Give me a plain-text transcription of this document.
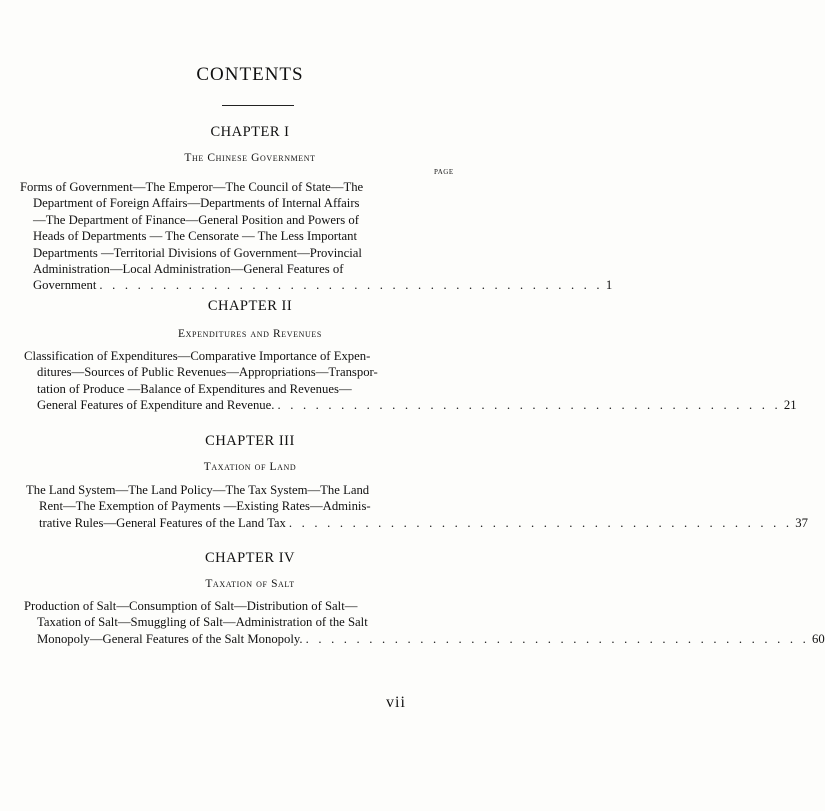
CONTENTS
CHAPTER I
The Chinese Government
PAGE
Forms of Government—The Emperor—The Council of State—The
Department of Foreign Affairs—Departments of Internal Affairs
—The Department of Finance—General Position and Powers of
Heads of Departments — The Censorate — The Less Important
Departments —Territorial Divisions of Government—Provincial
Administration—Local Administration—General Features of
Government . . . . . . . . . . . . . . . . . . . . . . . . . . . . . . . . . . . . . . . . 1
CHAPTER II
Expenditures and Revenues
Classification of Expenditures—Comparative Importance of Expen-
ditures—Sources of Public Revenues—Appropriations—Transpor-
tation of Produce —Balance of Expenditures and Revenues—
General Features of Expenditure and Revenue. . . . . . . . . . . . . . . . . . . . . . . . . . . . . . . . . . . . . . . . . 21
CHAPTER III
Taxation of Land
The Land System—The Land Policy—The Tax System—The Land
Rent—The Exemption of Payments —Existing Rates—Adminis-
trative Rules—General Features of the Land Tax . . . . . . . . . . . . . . . . . . . . . . . . . . . . . . . . . . . . . . . . 37
CHAPTER IV
Taxation of Salt
Production of Salt—Consumption of Salt—Distribution of Salt—
Taxation of Salt—Smuggling of Salt—Administration of the Salt
Monopoly—General Features of the Salt Monopoly. . . . . . . . . . . . . . . . . . . . . . . . . . . . . . . . . . . . . . . . . 60
vii
